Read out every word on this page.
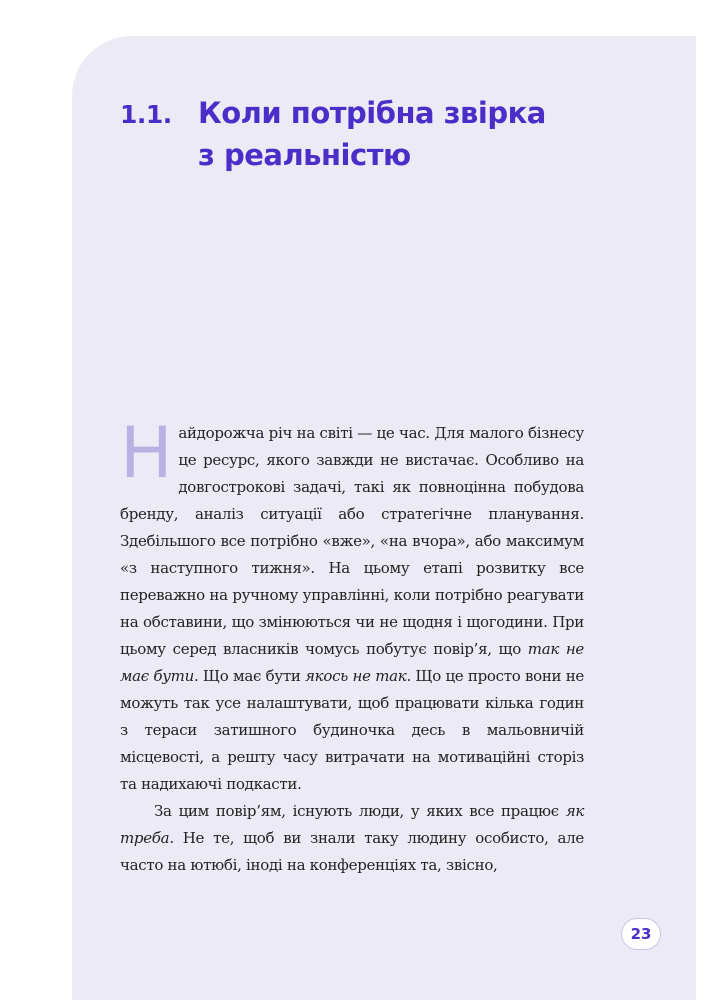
1.1. Коли потрібна звірка
з реальністю

Найдорожча річ на світі — це час. Для малого бізнесу це ресурс, якого завжди не вистачає. Особливо на довгострокові задачі, такі як повноцінна побудова бренду, аналіз ситуації або стратегічне планування. Здебільшого все потрібно «вже», «на вчора», або максимум «з наступного тижня». На цьому етапі розвитку все переважно на ручному управлінні, коли потрібно реагувати на обставини, що змінюються чи не щодня і щогодини. При цьому серед власників чомусь побутує повір’я, що так не має бути. Що має бути якось не так. Що це просто вони не можуть так усе налаштувати, щоб працювати кілька годин з тераси затишного будиночка десь в мальовничій місцевості, а решту часу витрачати на мотиваційні сторіз та надихаючі подкасти.

За цим повір’ям, існують люди, у яких все працює як треба. Не те, щоб ви знали таку людину особисто, але часто на ютюбі, іноді на конференціях та, звісно,

23
